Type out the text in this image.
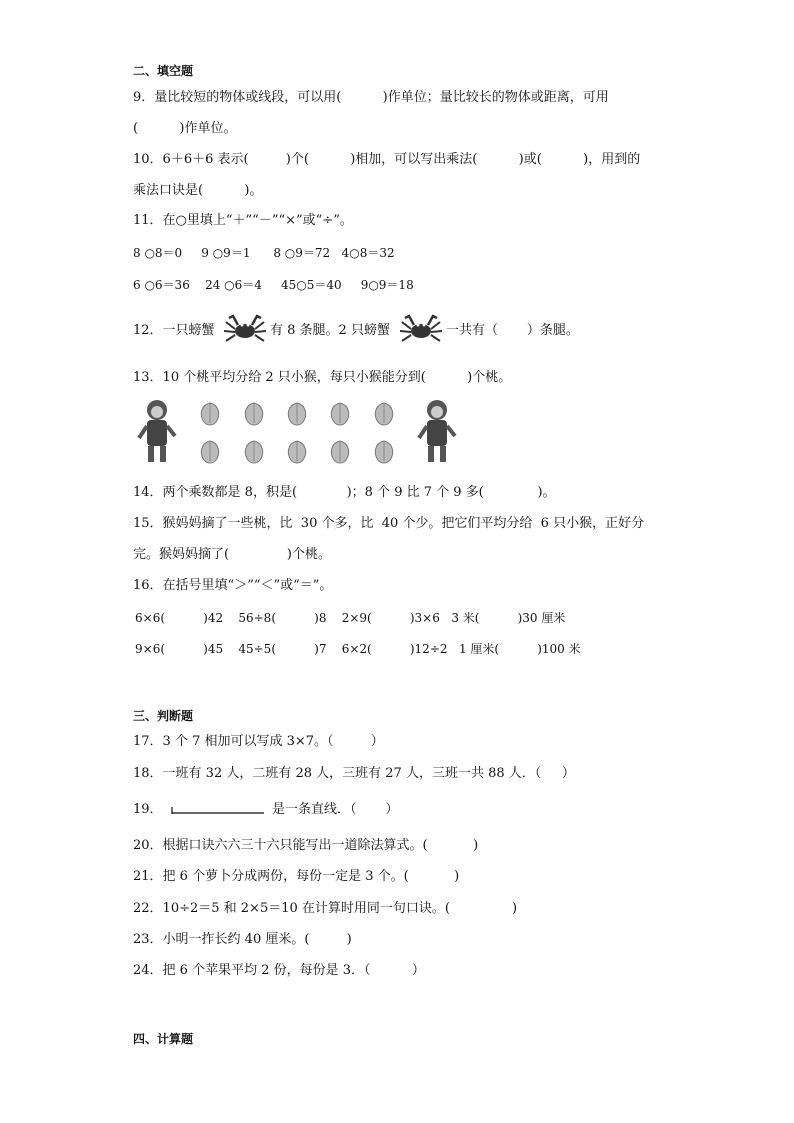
二、填空题
9．量比较短的物体或线段，可以用(          )作单位；量比较长的物体或距离，可用
(          )作单位。
10．6＋6＋6 表示(         )个(          )相加，可以写出乘法(          )或(          )，用到的
乘法口诀是(          )。
11．在○里填上“＋”“－”“×”或“÷”。
8 ○8＝0     9 ○9＝1      8 ○9＝72   4○8＝32
6 ○6＝36    24 ○6＝4     45○5＝40     9○9＝18
12．一只螃蟹	有 8 条腿。2 只螃蟹	一共有（       ）条腿。
13．10 个桃平均分给 2 只小猴，每只小猴能分到(          )个桃。
14．两个乘数都是 8，积是(            )；8 个 9 比 7 个 9 多(             )。
15．猴妈妈摘了一些桃，比  30 个多，比  40 个少。把它们平均分给  6 只小猴，正好分
完。猴妈妈摘了(              )个桃。
16．在括号里填“＞”“＜”或“＝”。
6×6(          )42    56÷8(          )8    2×9(          )3×6   3 米(          )30 厘米
9×6(          )45    45÷5(          )7    6×2(          )12÷2   1 厘米(          )100 米
三、判断题
17．3 个 7 相加可以写成 3×7。（         ）
18．一班有 32 人，二班有 28 人，三班有 27 人，三班一共 88 人．（     ）
19．	是一条直线．（       ）
20．根据口诀六六三十六只能写出一道除法算式。(           )
21．把 6 个萝卜分成两份，每份一定是 3 个。(           )
22．10÷2＝5 和 2×5＝10 在计算时用同一句口诀。(               )
23．小明一拃长约 40 厘米。(         )
24．把 6 个苹果平均 2 份，每份是 3．（          ）
四、计算题
